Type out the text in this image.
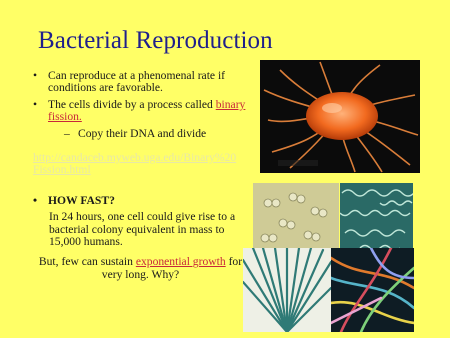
Bacterial Reproduction
• Can reproduce at a phenomenal rate if conditions are favorable.
• The cells divide by a process called binary fission.
– Copy their DNA and divide
http://candaceb.myweb.uga.edu/Binary%20Fission.html
• HOW FAST?
In 24 hours, one cell could give rise to a bacterial colony equivalent in mass to 15,000 humans.
But, few can sustain exponential growth for very long. Why?
